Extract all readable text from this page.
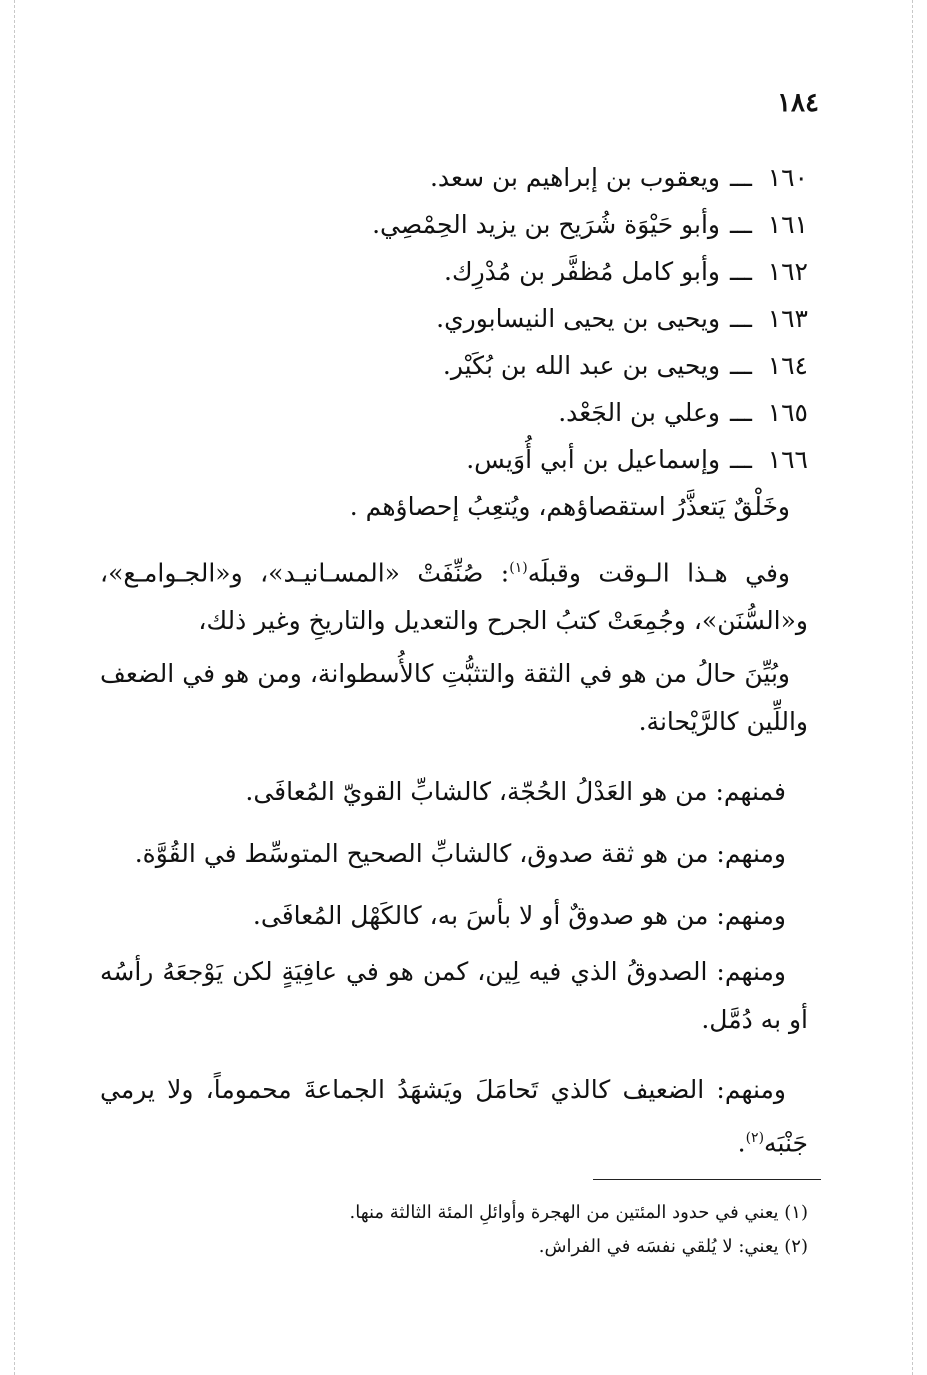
١٨٤
١٦٠ـــويعقوب بن إبراهيم بن سعد.
١٦١ـــوأبو حَيْوَة شُرَيح بن يزيد الحِمْصِي.
١٦٢ـــوأبو كامل مُظفَّر بن مُدْرِك.
١٦٣ـــويحيى بن يحيى النيسابوري.
١٦٤ـــويحيى بن عبد الله بن بُكَيْر.
١٦٥ـــوعلي بن الجَعْد.
١٦٦ـــوإسماعيل بن أبي أُوَيس.
وخَلْقٌ يَتعذَّرُ استقصاؤهم، ويُتعِبُ إحصاؤهم .

وفي هـذا الـوقت وقبلَه$^{(١)}$: صُنِّفَتْ «المسـانيـد»، و«الجـوامـع»، و«السُّنَن»، وجُمِعَتْ كتبُ الجرح والتعديل والتاريخِ وغير ذلك،

وبُيِّنَ حالُ من هو في الثقة والتثبُّتِ كالأُسطوانة، ومن هو في الضعف واللِّين كالرَّيْحانة.

فمنهم: من هو العَدْلُ الحُجّة، كالشابِّ القويّ المُعافَى.

ومنهم: من هو ثقة صدوق، كالشابِّ الصحيح المتوسِّط في القُوَّة.

ومنهم: من هو صدوقٌ أو لا بأسَ به، كالكَهْل المُعافَى.

ومنهم: الصدوقُ الذي فيه لِين، كمن هو في عافِيَةٍ لكن يَوْجعَهُ رأسُه أو به دُمَّل.

ومنهم: الضعيف كالذي تَحامَلَ ويَشهَدُ الجماعةَ محموماً، ولا يرمي جَنْبَه$^{(٢)}$.

(١) يعني في حدود المئتين من الهجرة وأوائلِ المئة الثالثة منها.
(٢) يعني: لا يُلقي نفسَه في الفراش.
